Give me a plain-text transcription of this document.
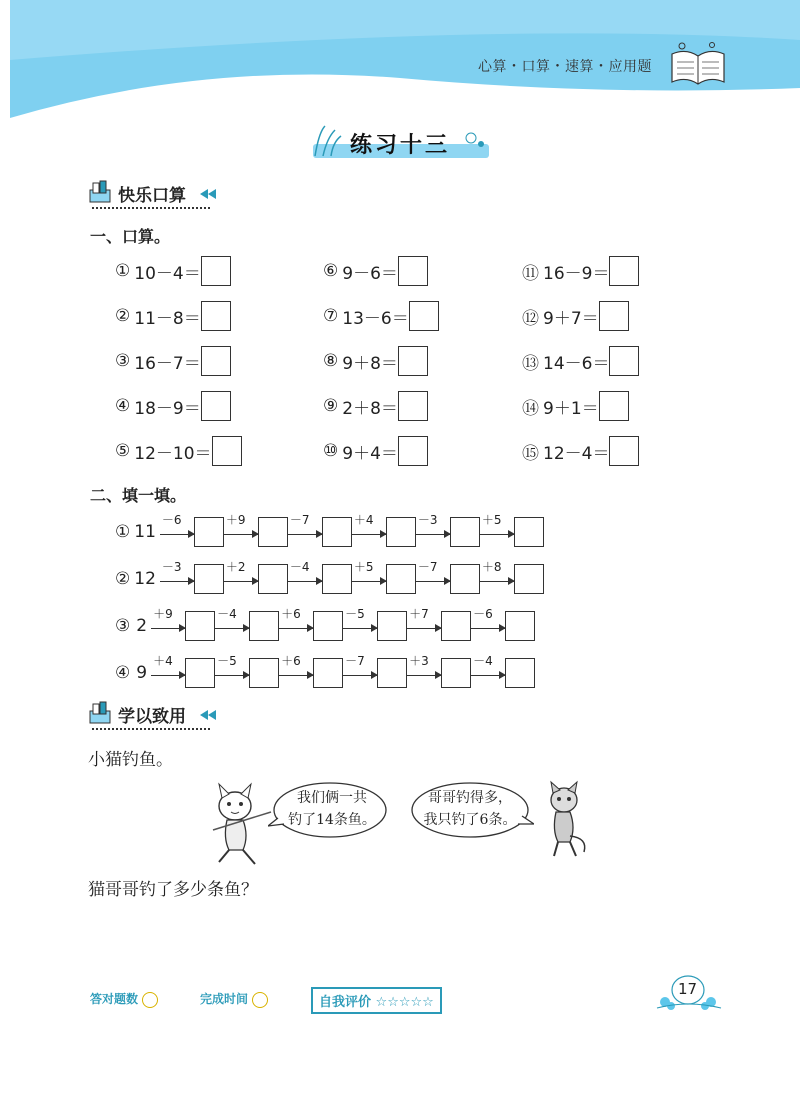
心算・口算・速算・应用题
练习十三
快乐口算
一、口算。
① 10－4＝
② 11－8＝
③ 16－7＝
④ 18－9＝
⑤ 12－10＝
⑥ 9－6＝
⑦ 13－6＝
⑧ 9＋8＝
⑨ 2＋8＝
⑩ 9＋4＝
⑪ 16－9＝
⑫ 9＋7＝
⑬ 14－6＝
⑭ 9＋1＝
⑮ 12－4＝
二、填一填。
① 11
－6	＋9	－7	＋4	－3	＋5
② 12
－3	＋2	－4	＋5	－7	＋8
③ 2
＋9	－4	＋6	－5	＋7	－6
④ 9
＋4	－5	＋6	－7	＋3	－4
学以致用
小猫钓鱼。
我们俩一共
钓了14条鱼。
哥哥钓得多，
我只钓了6条。
猫哥哥钓了多少条鱼？
答对题数	完成时间	自我评价 ☆☆☆☆☆
17
